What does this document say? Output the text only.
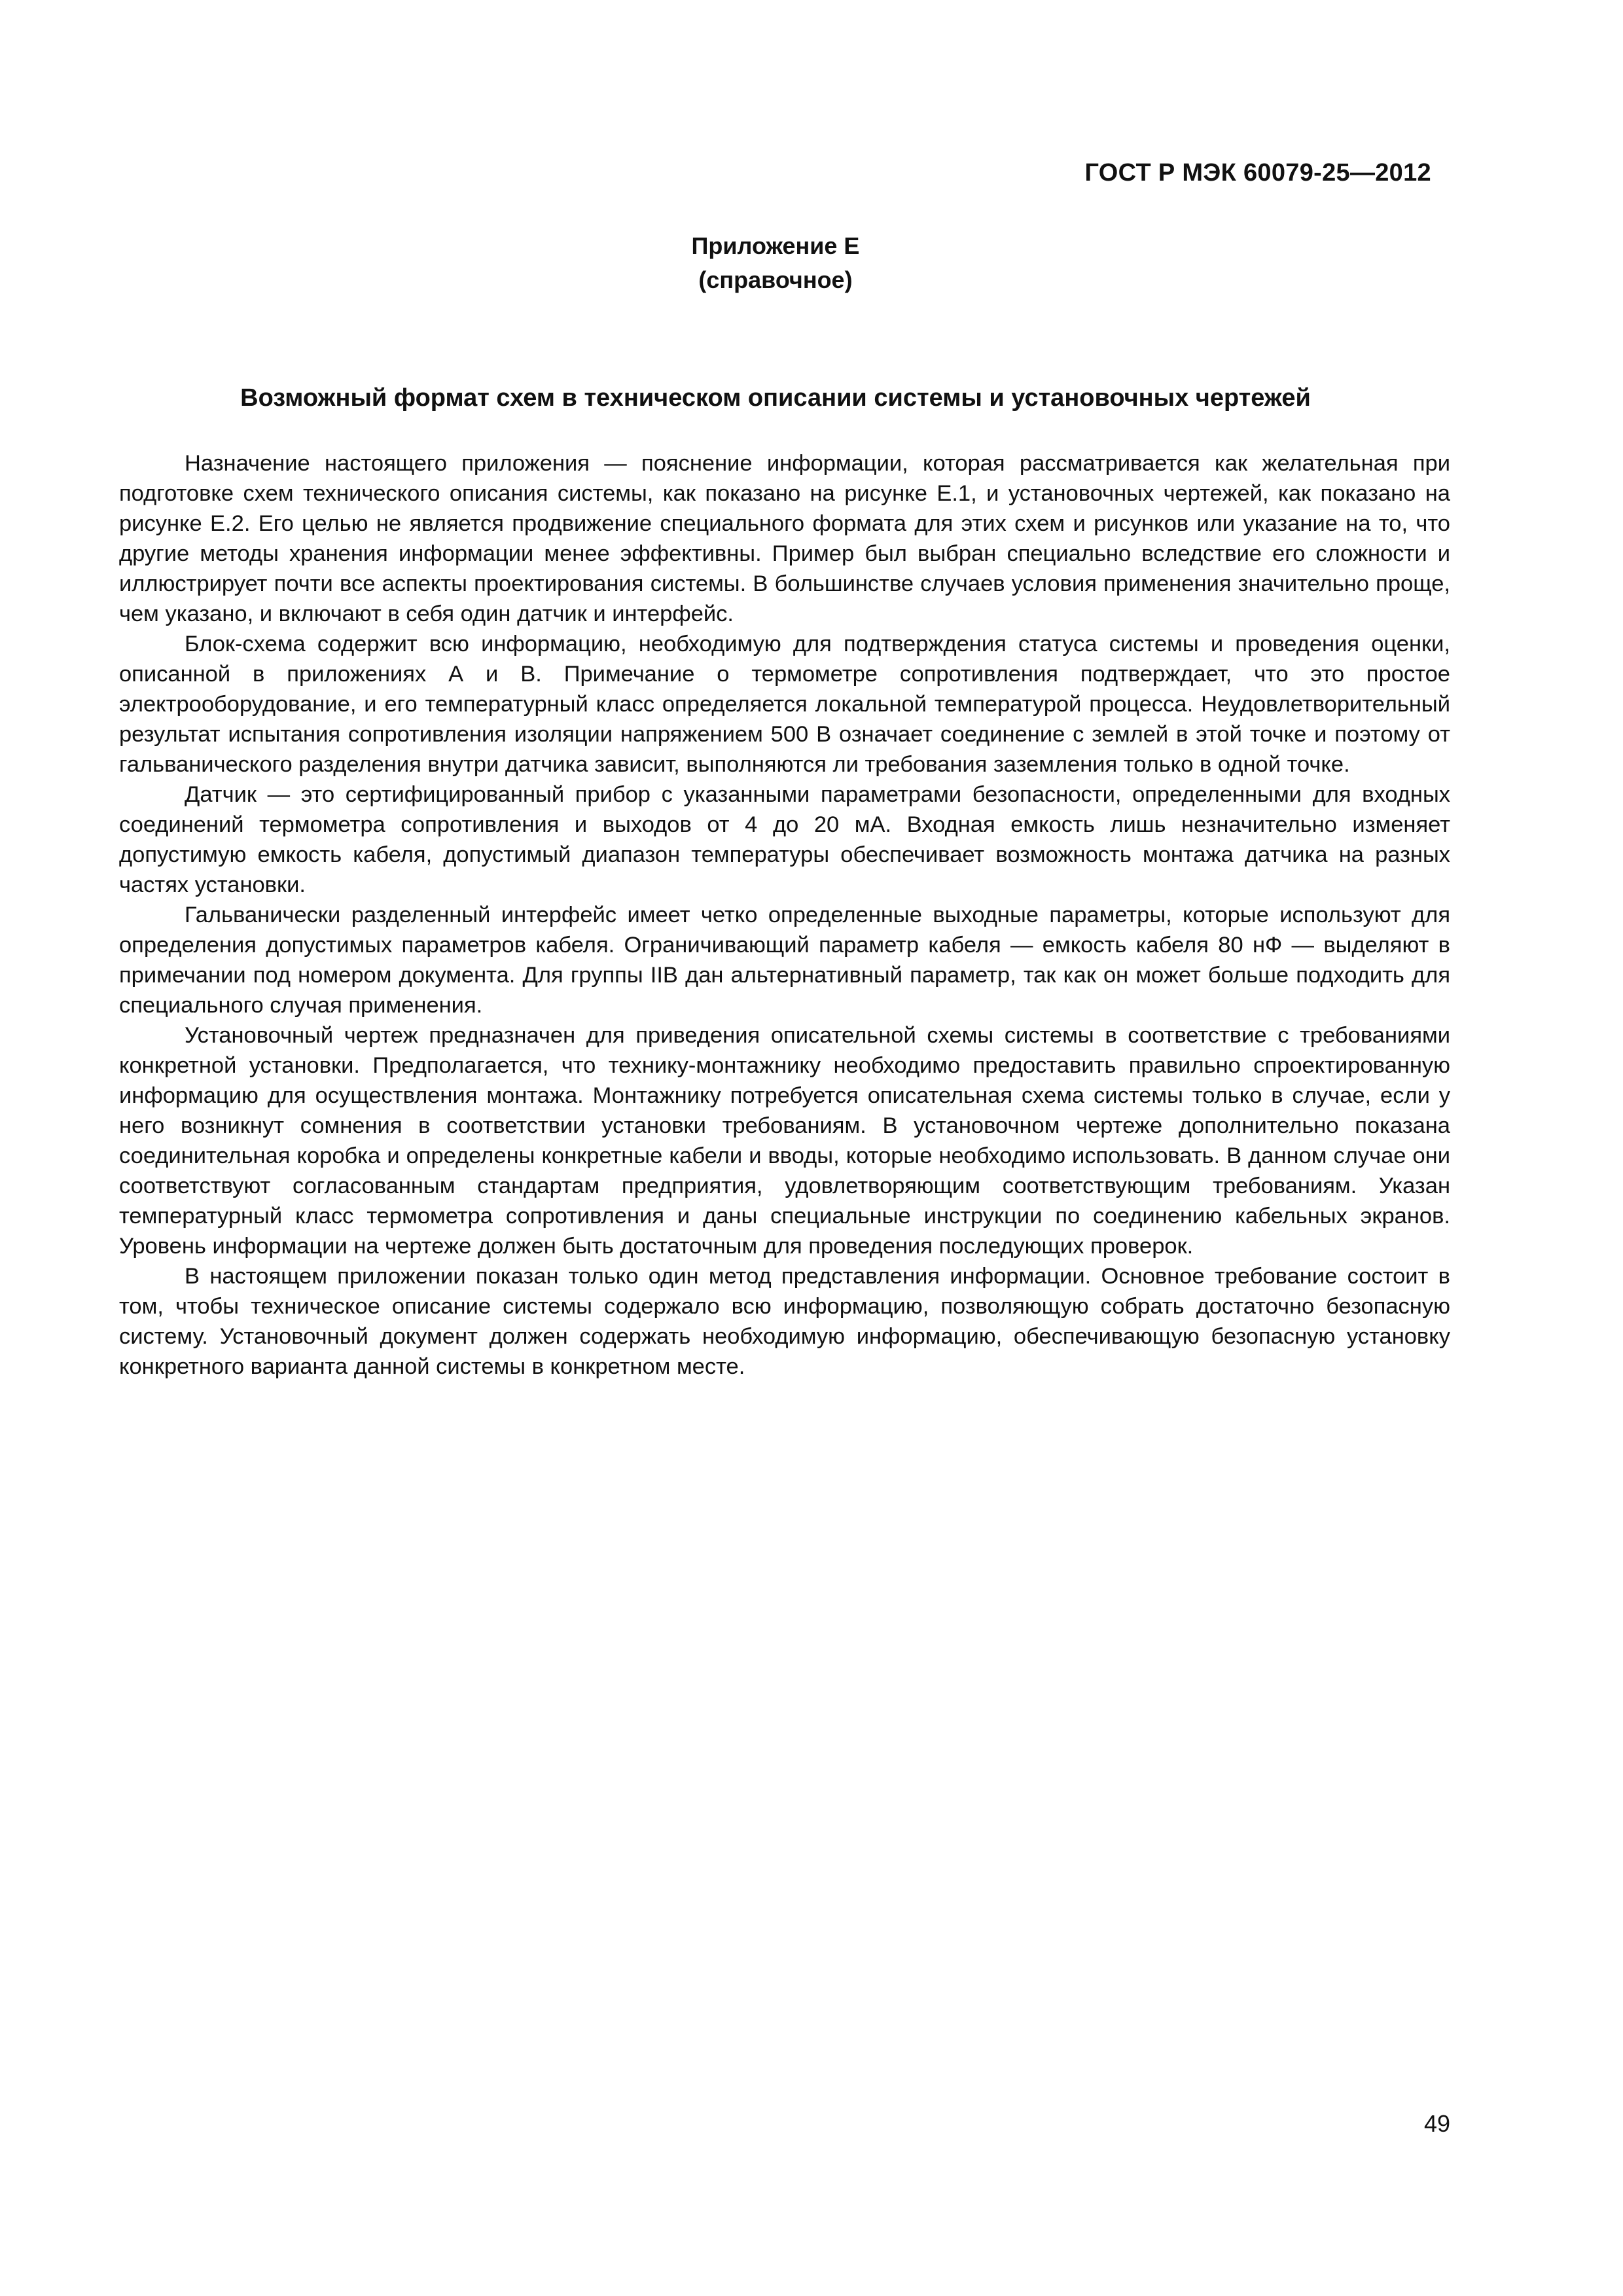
ГОСТ Р МЭК 60079-25—2012
Приложение Е
(справочное)
Возможный формат схем в техническом описании системы и установочных чертежей

Назначение настоящего приложения — пояснение информации, которая рассматривается как желательная при подготовке схем технического описания системы, как показано на рисунке Е.1, и установочных чертежей, как показано на рисунке Е.2. Его целью не является продвижение специального формата для этих схем и рисунков или указание на то, что другие методы хранения информации менее эффективны. Пример был выбран специально вследствие его сложности и иллюстрирует почти все аспекты проектирования системы. В большинстве случаев условия применения значительно проще, чем указано, и включают в себя один датчик и интерфейс.

Блок-схема содержит всю информацию, необходимую для подтверждения статуса системы и проведения оценки, описанной в приложениях А и В. Примечание о термометре сопротивления подтверждает, что это простое электрооборудование, и его температурный класс определяется локальной температурой процесса. Неудовлетворительный результат испытания сопротивления изоляции напряжением 500 В означает соединение с землей в этой точке и поэтому от гальванического разделения внутри датчика зависит, выполняются ли требования заземления только в одной точке.

Датчик — это сертифицированный прибор с указанными параметрами безопасности, определенными для входных соединений термометра сопротивления и выходов от 4 до 20 мА. Входная емкость лишь незначительно изменяет допустимую емкость кабеля, допустимый диапазон температуры обеспечивает возможность монтажа датчика на разных частях установки.

Гальванически разделенный интерфейс имеет четко определенные выходные параметры, которые используют для определения допустимых параметров кабеля. Ограничивающий параметр кабеля — емкость кабеля 80 нФ — выделяют в примечании под номером документа. Для группы IIB дан альтернативный параметр, так как он может больше подходить для специального случая применения.

Установочный чертеж предназначен для приведения описательной схемы системы в соответствие с требованиями конкретной установки. Предполагается, что технику-монтажнику необходимо предоставить правильно спроектированную информацию для осуществления монтажа. Монтажнику потребуется описательная схема системы только в случае, если у него возникнут сомнения в соответствии установки требованиям. В установочном чертеже дополнительно показана соединительная коробка и определены конкретные кабели и вводы, которые необходимо использовать. В данном случае они соответствуют согласованным стандартам предприятия, удовлетворяющим соответствующим требованиям. Указан температурный класс термометра сопротивления и даны специальные инструкции по соединению кабельных экранов. Уровень информации на чертеже должен быть достаточным для проведения последующих проверок.

В настоящем приложении показан только один метод представления информации. Основное требование состоит в том, чтобы техническое описание системы содержало всю информацию, позволяющую собрать достаточно безопасную систему. Установочный документ должен содержать необходимую информацию, обеспечивающую безопасную установку конкретного варианта данной системы в конкретном месте.

49
